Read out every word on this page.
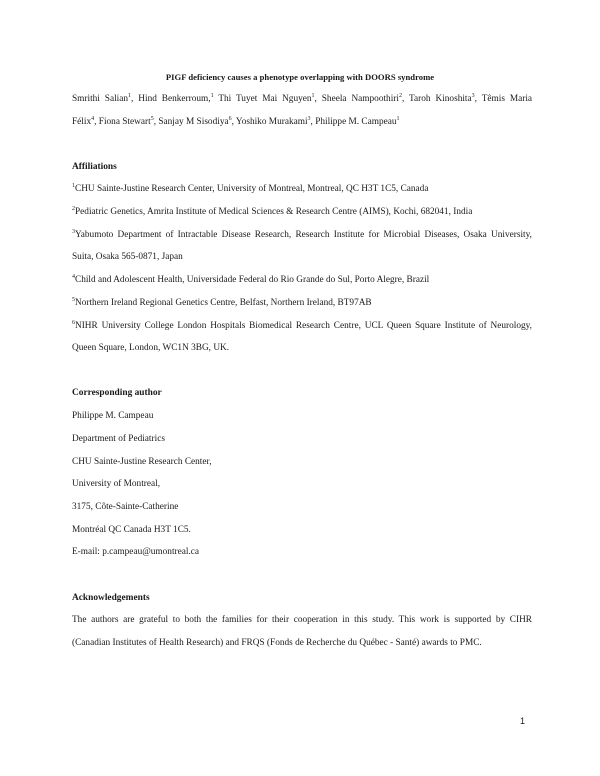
PIGF deficiency causes a phenotype overlapping with DOORS syndrome
Smrithi Salian$^1$, Hind Benkerroum,$^1$ Thi Tuyet Mai Nguyen$^1$, Sheela Nampoothiri$^2$, Taroh Kinoshita$^3$, Têmis Maria
Félix$^4$, Fiona Stewart$^5$, Sanjay M Sisodiya$^6$, Yoshiko Murakami$^3$, Philippe M. Campeau$^1$
Affiliations
$^1$CHU Sainte-Justine Research Center, University of Montreal, Montreal, QC H3T 1C5, Canada
$^2$Pediatric Genetics, Amrita Institute of Medical Sciences & Research Centre (AIMS), Kochi, 682041, India
$^3$Yabumoto Department of Intractable Disease Research, Research Institute for Microbial Diseases, Osaka University,
Suita, Osaka 565-0871, Japan
$^4$Child and Adolescent Health, Universidade Federal do Rio Grande do Sul, Porto Alegre, Brazil
$^5$Northern Ireland Regional Genetics Centre, Belfast, Northern Ireland, BT97AB
$^6$NIHR University College London Hospitals Biomedical Research Centre, UCL Queen Square Institute of Neurology,
Queen Square, London, WC1N 3BG, UK.
Corresponding author
Philippe M. Campeau
Department of Pediatrics
CHU Sainte-Justine Research Center,
University of Montreal,
3175, Côte-Sainte-Catherine
Montréal QC Canada H3T 1C5.
E-mail: p.campeau@umontreal.ca
Acknowledgements
The authors are grateful to both the families for their cooperation in this study. This work is supported by CIHR
(Canadian Institutes of Health Research) and FRQS (Fonds de Recherche du Québec - Santé) awards to PMC.
1
